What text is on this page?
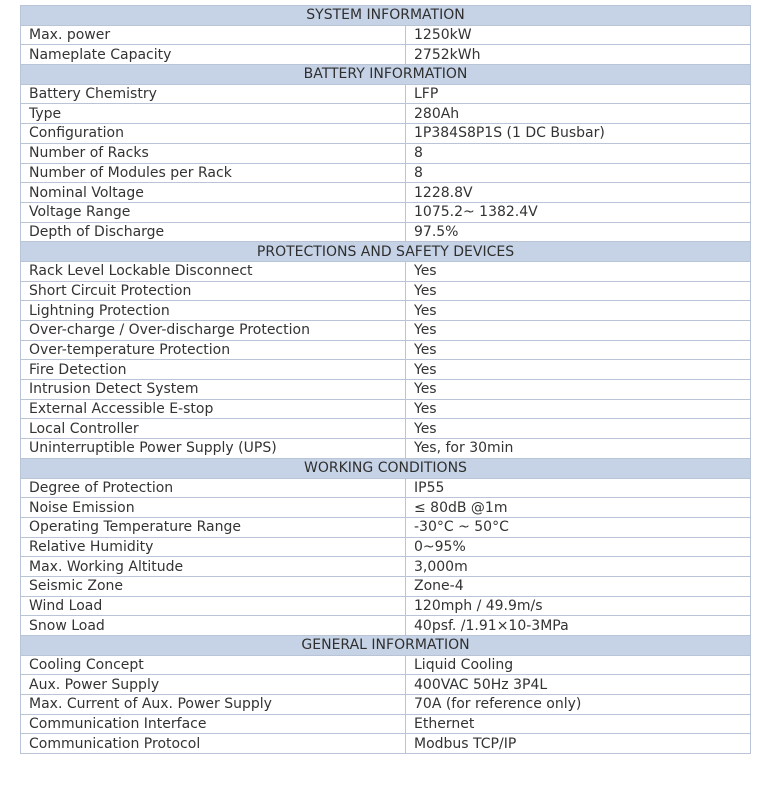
SYSTEM INFORMATION	
Max. power	1250kW
Nameplate Capacity	2752kWh
BATTERY INFORMATION	
Battery Chemistry	LFP
Type	280Ah
Configuration	1P384S8P1S (1 DC Busbar)
Number of Racks	8
Number of Modules per Rack	8
Nominal Voltage	1228.8V
Voltage Range	1075.2~ 1382.4V
Depth of Discharge	97.5%
PROTECTIONS AND SAFETY DEVICES	
Rack Level Lockable Disconnect	Yes
Short Circuit Protection	Yes
Lightning Protection	Yes
Over-charge / Over-discharge Protection	Yes
Over-temperature Protection	Yes
Fire Detection	Yes
Intrusion Detect System	Yes
External Accessible E-stop	Yes
Local Controller	Yes
Uninterruptible Power Supply (UPS)	Yes, for 30min
WORKING CONDITIONS	
Degree of Protection	IP55
Noise Emission	≤ 80dB @1m
Operating Temperature Range	-30°C ~ 50°C
Relative Humidity	0~95%
Max. Working Altitude	3,000m
Seismic Zone	Zone-4
Wind Load	120mph / 49.9m/s
Snow Load	40psf. /1.91×10-3MPa
GENERAL INFORMATION	
Cooling Concept	Liquid Cooling
Aux. Power Supply	400VAC 50Hz 3P4L
Max. Current of Aux. Power Supply	70A (for reference only)
Communication Interface	Ethernet
Communication Protocol	Modbus TCP/IP
